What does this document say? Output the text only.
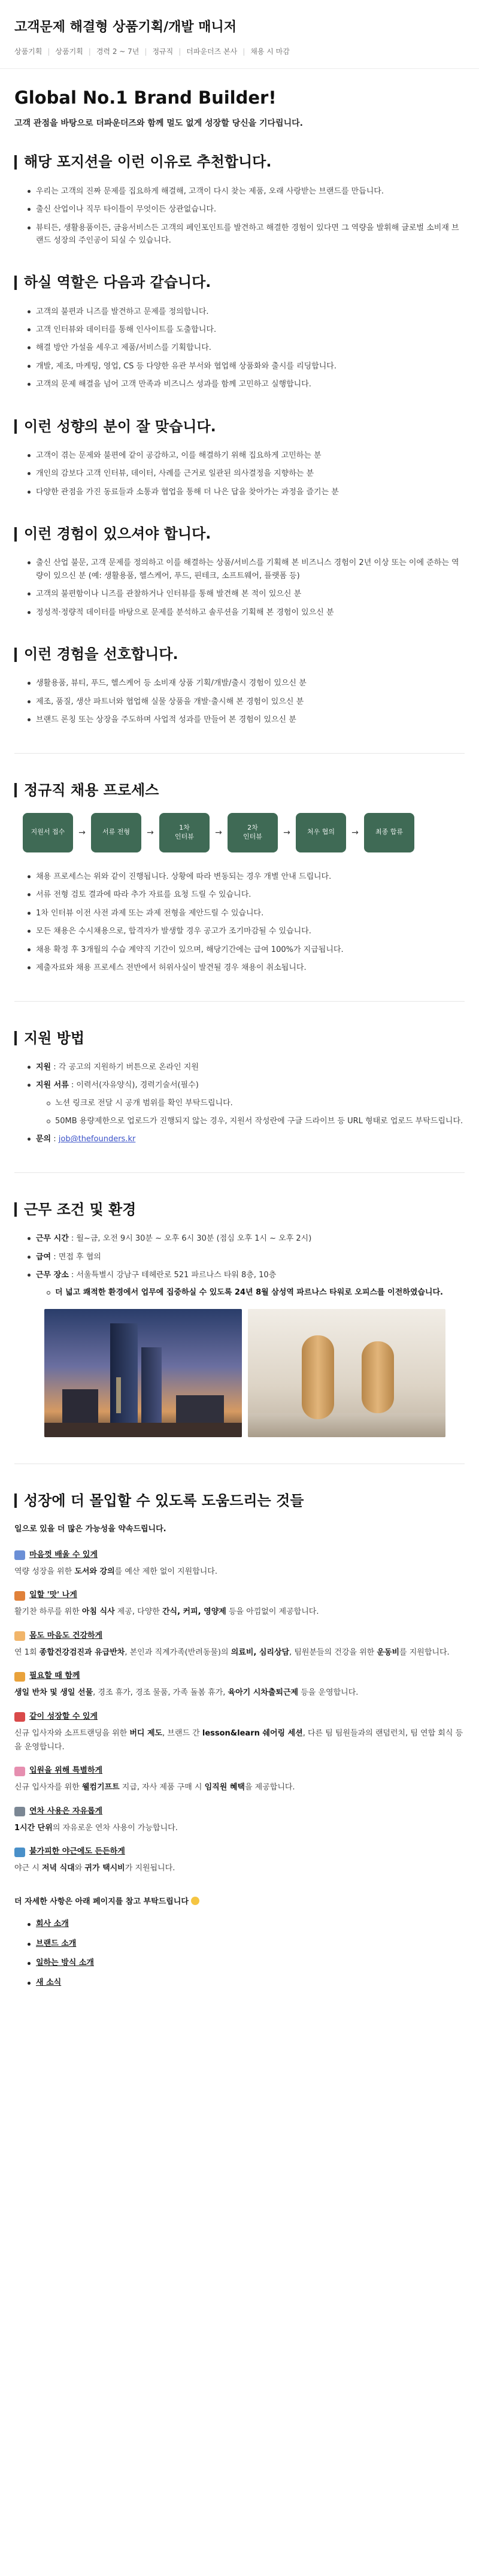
고객문제 해결형 상품기획/개발 매니저
상품기획 | 상품기획 | 경력 2 ~ 7년 | 정규직 | 더파운더즈 본사 | 채용 시 마감
Global No.1 Brand Builder!
고객 관점을 바탕으로 더파운더즈와 함께 멀도 없게 성장할 당신을 기다립니다.
해당 포지션을 이런 이유로 추천합니다.
우리는 고객의 진짜 문제를 집요하게 해결해, 고객이 다시 찾는 제품, 오래 사랑받는 브랜드를 만듭니다.
출신 산업이나 직무 타이틀이 무엇이든 상관없습니다.
뷰티든, 생활용품이든, 금융서비스든 고객의 페인포인트를 발견하고 해결한 경험이 있다면 그 역량을 발휘해 글로벌 소비재 브랜드 성장의 주인공이 되실 수 있습니다.
하실 역할은 다음과 같습니다.
고객의 불편과 니즈를 발견하고 문제를 정의합니다.
고객 인터뷰와 데이터를 통해 인사이트를 도출합니다.
해결 방안 가설을 세우고 제품/서비스를 기획합니다.
개발, 제조, 마케팅, 영업, CS 등 다양한 유관 부서와 협업해 상품화와 출시를 리딩합니다.
고객의 문제 해결을 넘어 고객 만족과 비즈니스 성과를 함께 고민하고 실행합니다.
이런 성향의 분이 잘 맞습니다.
고객이 겪는 문제와 불편에 같이 공감하고, 이를 해결하기 위해 집요하게 고민하는 분
개인의 감보다 고객 인터뷰, 데이터, 사례를 근거로 일관된 의사결정을 지향하는 분
다양한 관점을 가진 동료들과 소통과 협업을 통해 더 나은 답을 찾아가는 과정을 즐기는 분
이런 경험이 있으셔야 합니다.
출신 산업 불문, 고객 문제를 정의하고 이를 해결하는 상품/서비스를 기획해 본 비즈니스 경험이 2년 이상 또는 이에 준하는 역량이 있으신 분 (예: 생활용품, 헬스케어, 푸드, 핀테크, 소프트웨어, 플랫폼 등)
고객의 불편함이나 니즈를 관찰하거나 인터뷰를 통해 발견해 본 적이 있으신 분
정성적·정량적 데이터를 바탕으로 문제를 분석하고 솔루션을 기획해 본 경험이 있으신 분
이런 경험을 선호합니다.
생활용품, 뷰티, 푸드, 헬스케어 등 소비재 상품 기획/개발/출시 경험이 있으신 분
제조, 품질, 생산 파트너와 협업해 실물 상품을 개발·출시해 본 경험이 있으신 분
브랜드 론칭 또는 상장을 주도하며 사업적 성과를 만들어 본 경험이 있으신 분
정규직 채용 프로세스
지원서 접수	→	서류 전형	→
1차
인터뷰	→
2차
인터뷰	→	처우 협의	→	최종 합류
채용 프로세스는 위와 같이 진행됩니다. 상황에 따라 변동되는 경우 개별 안내 드립니다.
서류 전형 검토 결과에 따라 추가 자료를 요청 드릴 수 있습니다.
1차 인터뷰 이전 사전 과제 또는 과제 전형을 제안드릴 수 있습니다.
모든 채용은 수시채용으로, 합격자가 발생할 경우 공고가 조기마감될 수 있습니다.
채용 확정 후 3개월의 수습 계약직 기간이 있으며, 해당기간에는 급여 100%가 지급됩니다.
제출자료와 채용 프로세스 전반에서 허위사실이 발견될 경우 채용이 취소됩니다.
지원 방법
지원 : 각 공고의 지원하기 버튼으로 온라인 지원
지원 서류 : 이력서(자유양식), 경력기술서(필수)
노션 링크로 전달 시 공개 범위를 확인 부탁드립니다.
50MB 용량제한으로 업로드가 진행되지 않는 경우, 지원서 작성란에 구글 드라이브 등 URL 형태로 업로드 부탁드립니다.
문의 : job@thefounders.kr
근무 조건 및 환경
근무 시간 : 월~금, 오전 9시 30분 ~ 오후 6시 30분 (점심 오후 1시 ~ 오후 2시)
급여 : 면접 후 협의
근무 장소 : 서울특별시 강남구 테헤란로 521 파르나스 타워 8층, 10층
더 넓고 쾌적한 환경에서 업무에 집중하실 수 있도록 24년 8월 삼성역 파르나스 타워로 오피스를 이전하였습니다.
성장에 더 몰입할 수 있도록 도움드리는 것들
일으로 있을 더 많은 가능성을 약속드립니다.
마음껏 배울 수 있게
역량 성장을 위한 도서와 강의를 예산 제한 없이 지원합니다.
일할 '맛' 나게
활기찬 하루를 위한 아침 식사 제공, 다양한 간식, 커피, 영양제 등을 아낌없이 제공합니다.
몸도 마음도 건강하게
연 1회 종합건강검진과 유급반차, 본인과 직계가족(반려동물)의 의료비, 심리상담, 팀원분들의 건강을 위한 운동비를 지원합니다.
필요할 때 함께
생일 반차 및 생일 선물, 경조 휴가, 경조 물품, 가족 돌봄 휴가, 육아기 시차출퇴근제 등을 운영합니다.
같이 성장할 수 있게
신규 입사자와 소프트랜딩을 위한 버디 제도, 브랜드 간 lesson&learn 쉐어링 세션, 다른 팀 팀원들과의 랜덤런치, 팀 연합 회식 등을 운영합니다.
입원을 위해 특별하게
신규 입사자를 위한 웰컴기프트 지급, 자사 제품 구매 시 임직원 혜택을 제공합니다.
연차 사용은 자유롭게
1시간 단위의 자유로운 연차 사용이 가능합니다.
불가피한 야근에도 든든하게
야근 시 저녁 식대와 귀가 택시비가 지원됩니다.
더 자세한 사항은 아래 페이지를 참고 부탁드립니다
회사 소개
브랜드 소개
일하는 방식 소개
새 소식
